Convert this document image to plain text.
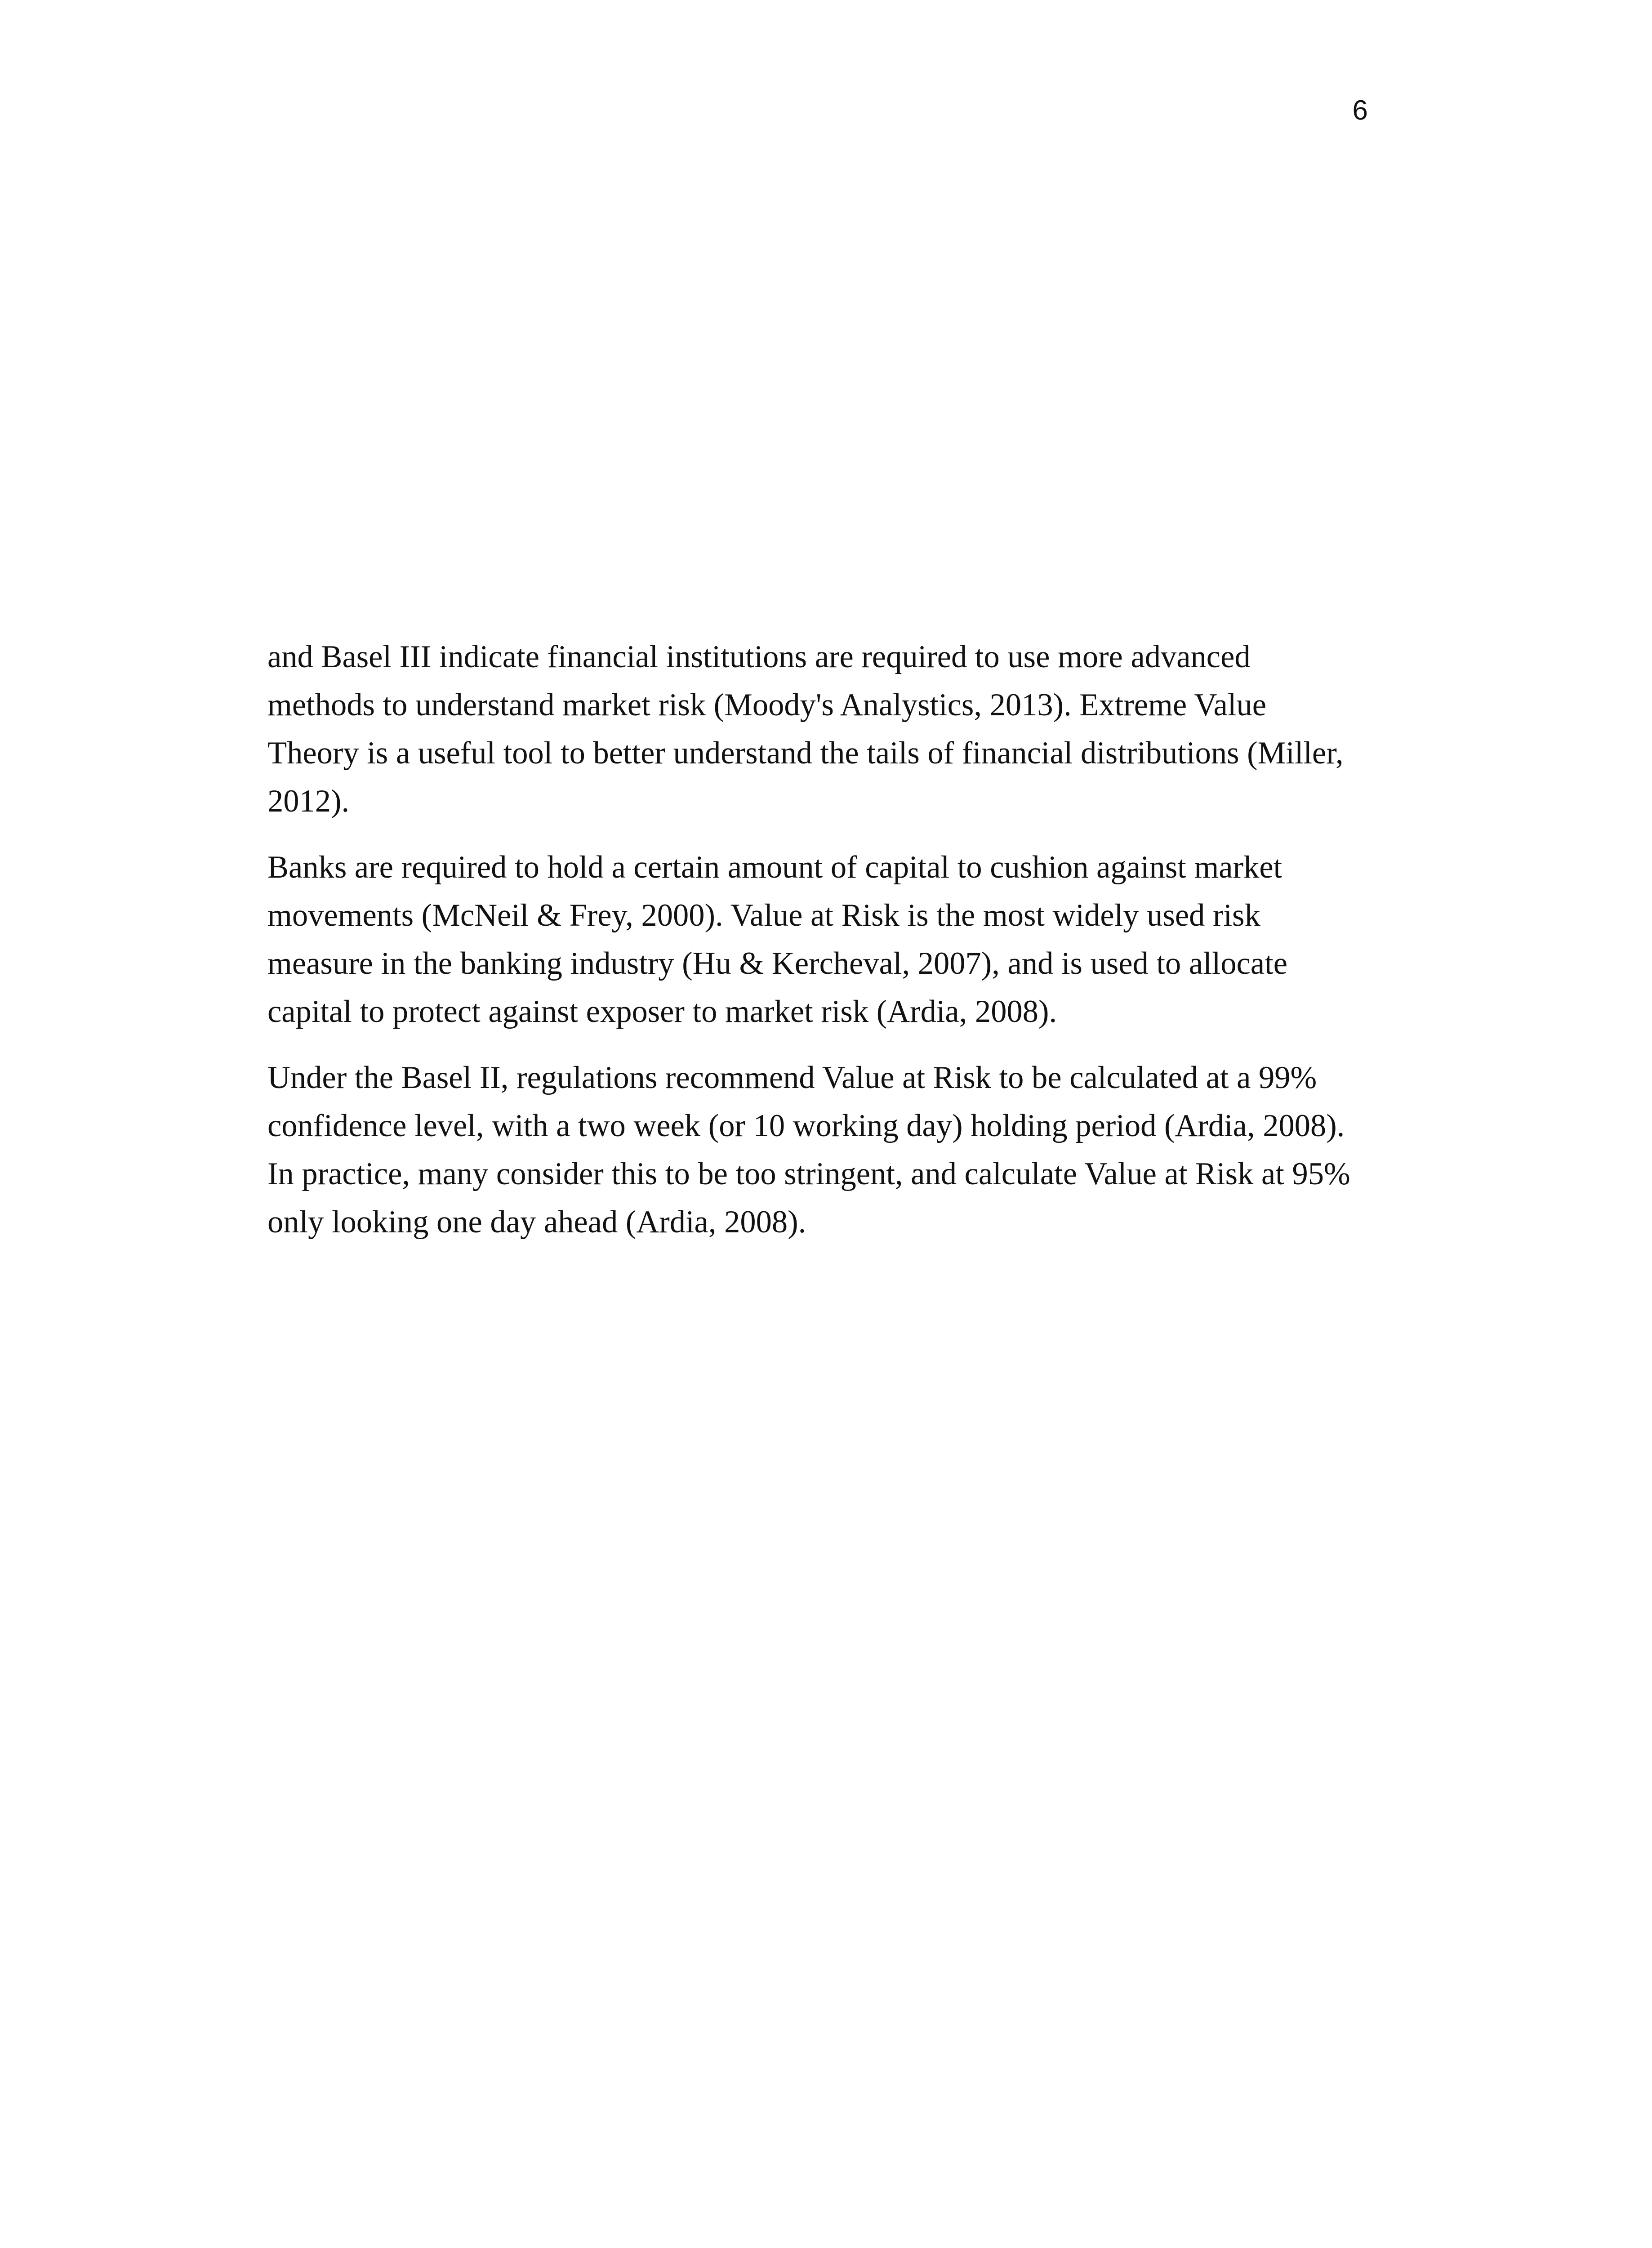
6

and Basel III indicate financial institutions are required to use more advanced
methods to understand market risk (Moody's Analystics, 2013). Extreme Value
Theory is a useful tool to better understand the tails of financial distributions (Miller,
2012).

Banks are required to hold a certain amount of capital to cushion against market
movements (McNeil & Frey, 2000). Value at Risk is the most widely used risk
measure in the banking industry (Hu & Kercheval, 2007), and is used to allocate
capital to protect against exposer to market risk (Ardia, 2008).

Under the Basel II, regulations recommend Value at Risk to be calculated at a 99%
confidence level, with a two week (or 10 working day) holding period (Ardia, 2008).
In practice, many consider this to be too stringent, and calculate Value at Risk at 95%
only looking one day ahead (Ardia, 2008).
